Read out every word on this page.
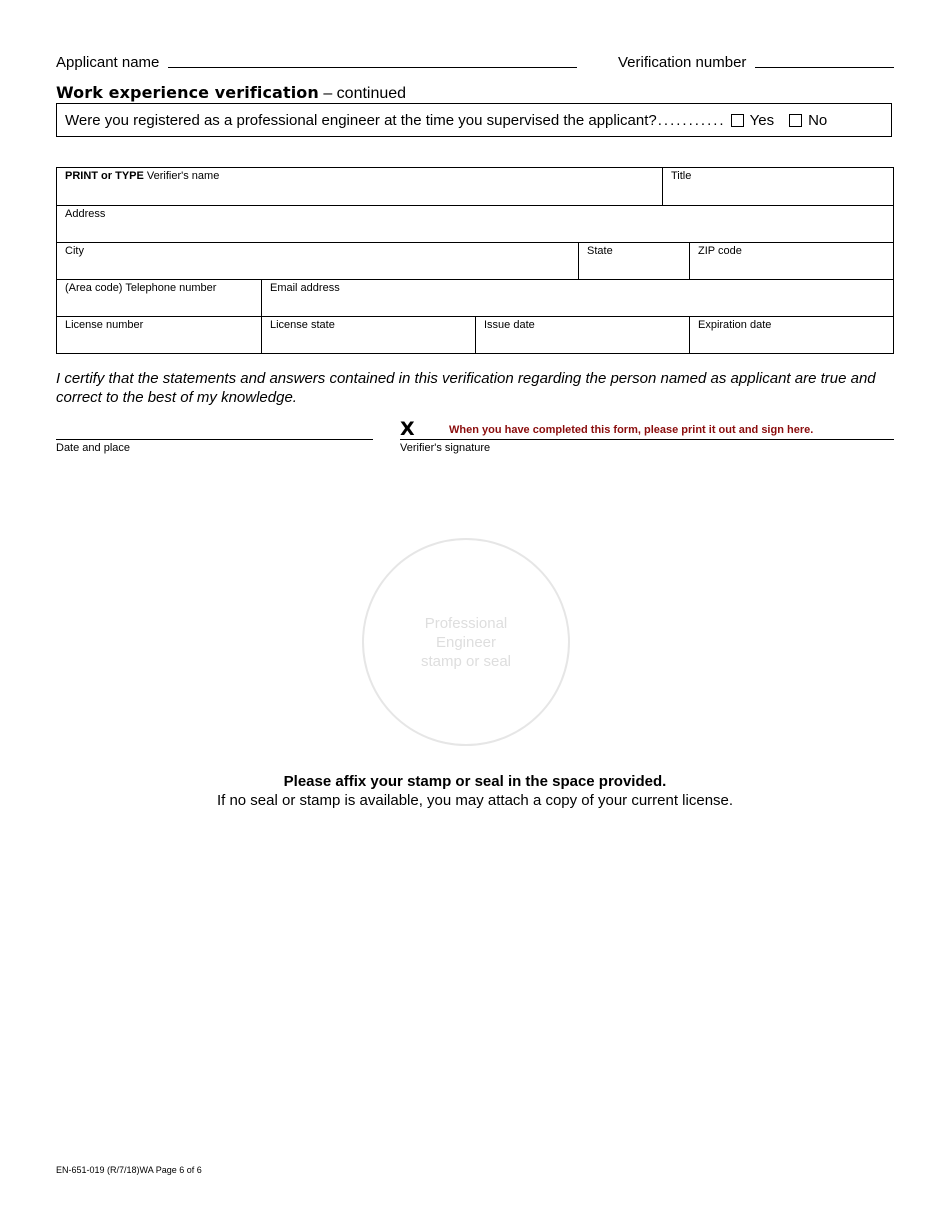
Applicant name	Verification number
Work experience verification – continued
Were you registered as a professional engineer at the time you supervised the applicant? ........... Yes No
PRINT or TYPE Verifier's name	Title
Address
City	State	ZIP code
(Area code) Telephone number	Email address
License number	License state	Issue date	Expiration date
I certify that the statements and answers contained in this verification regarding the person named as applicant are true and correct to the best of my knowledge.
Date and place
X	When you have completed this form, please print it out and sign here.
Verifier's signature
Professional
Engineer
stamp or seal
Please affix your stamp or seal in the space provided.
If no seal or stamp is available, you may attach a copy of your current license.
EN-651-019 (R/7/18)WA Page 6 of 6
